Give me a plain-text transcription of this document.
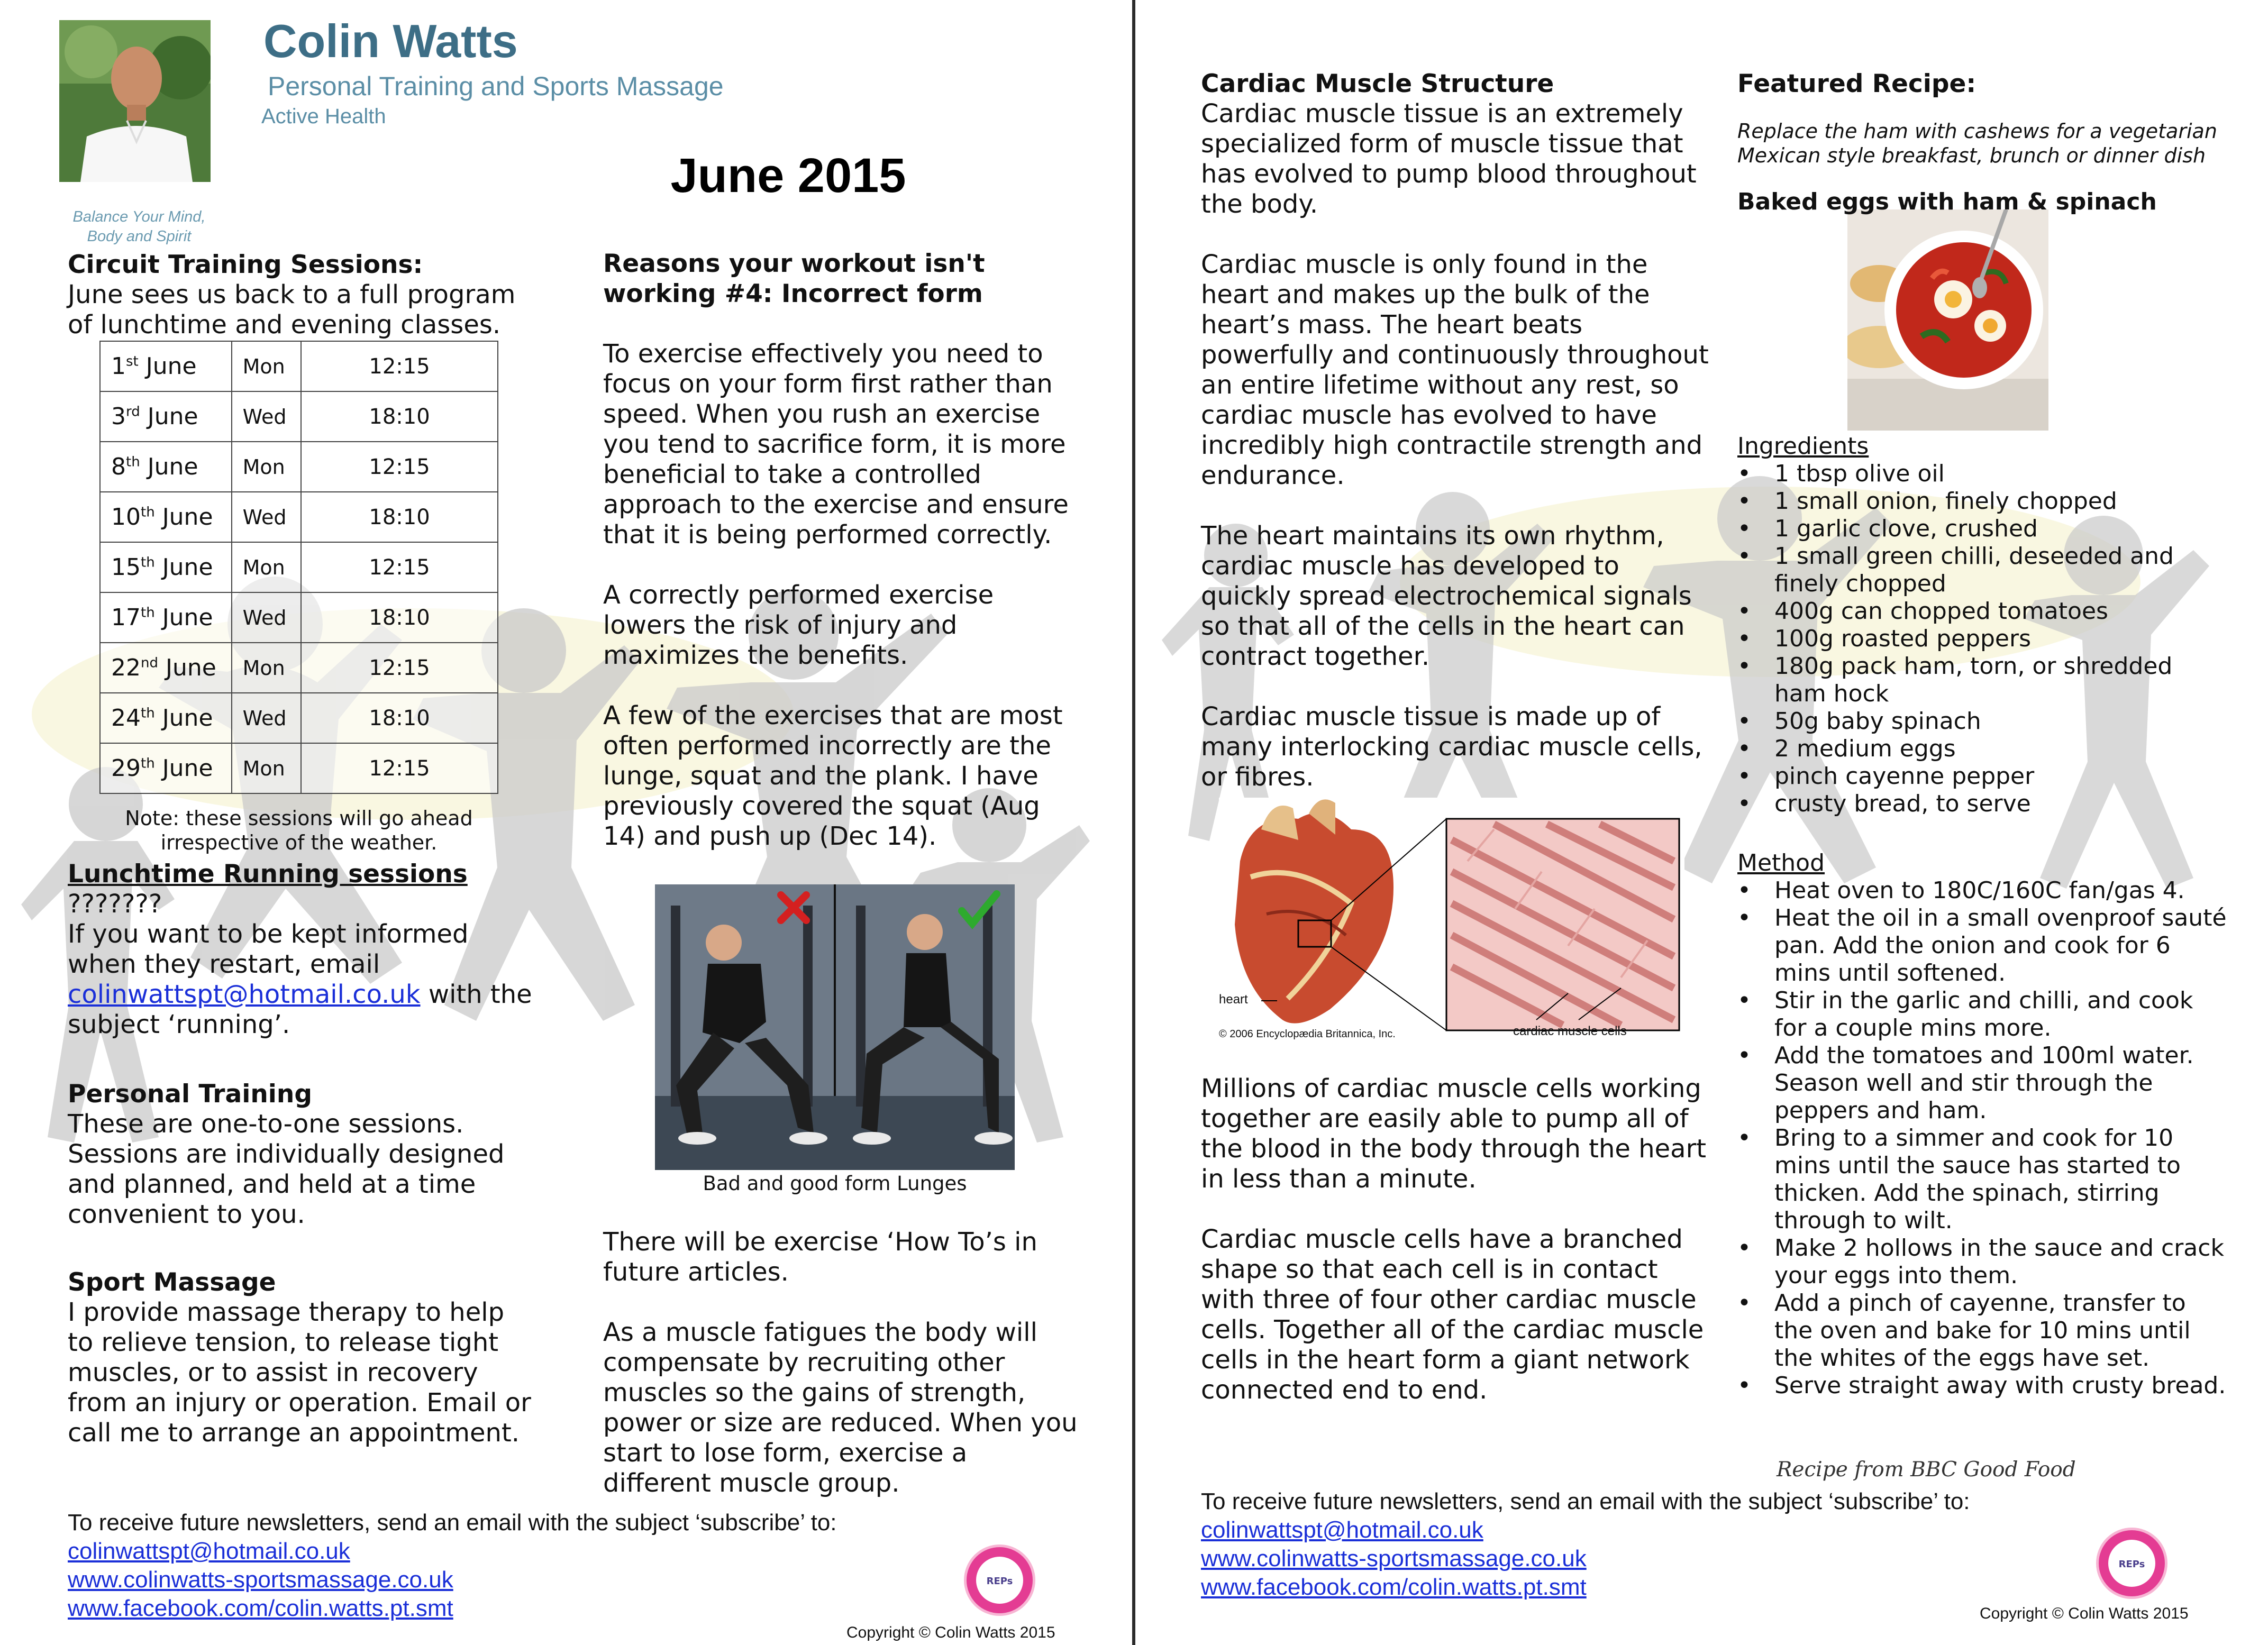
Colin Watts
Personal Training and Sports Massage
Active Health
Balance Your Mind,
Body and Spirit
June 2015

Circuit Training Sessions:

June sees us back to a full program of lunchtime and evening classes.

1st June	Mon	12:15
3rd June	Wed	18:10
8th June	Mon	12:15
10th June	Wed	18:10
15th June	Mon	12:15
17th June	Wed	18:10
22nd June	Mon	12:15
24th June	Wed	18:10
29th June	Mon	12:15
Note: these sessions will go ahead irrespective of the weather.

Lunchtime Running sessions

???????

If you want to be kept informed when they restart, email colinwattspt@hotmail.co.uk with the subject ‘running’.

Personal Training

These are one-to-one sessions. Sessions are individually designed and planned, and held at a time convenient to you.

Sport Massage

I provide massage therapy to help to relieve tension, to release tight muscles, or to assist in recovery from an injury or operation. Email or call me to arrange an appointment.

Reasons your workout isn't

working #4: Incorrect form

To exercise effectively you need to focus on your form first rather than speed. When you rush an exercise you tend to sacrifice form, it is more beneficial to take a controlled approach to the exercise and ensure that it is being performed correctly.

A correctly performed exercise lowers the risk of injury and maximizes the benefits.

A few of the exercises that are most often performed incorrectly are the lunge, squat and the plank. I have previously covered the squat (Aug 14) and push up (Dec 14).

Bad and good form Lunges

There will be exercise ‘How To’s in future articles.

As a muscle fatigues the body will compensate by recruiting other muscles so the gains of strength, power or size are reduced. When you start to lose form, exercise a different muscle group.

To receive future newsletters, send an email with the subject ‘subscribe’ to:
colinwattspt@hotmail.co.uk
www.colinwatts-sportsmassage.co.uk
www.facebook.com/colin.watts.pt.smt
REPs
Copyright © Colin Watts 2015

Cardiac Muscle Structure

Cardiac muscle tissue is an extremely specialized form of muscle tissue that has evolved to pump blood throughout the body.

Cardiac muscle is only found in the heart and makes up the bulk of the heart’s mass. The heart beats powerfully and continuously throughout an entire lifetime without any rest, so cardiac muscle has evolved to have incredibly high contractile strength and endurance.

The heart maintains its own rhythm, cardiac muscle has developed to quickly spread electrochemical signals so that all of the cells in the heart can contract together.

Cardiac muscle tissue is made up of many interlocking cardiac muscle cells, or fibres.

heart
cardiac muscle cells
© 2006 Encyclopædia Britannica, Inc.

Millions of cardiac muscle cells working together are easily able to pump all of the blood in the body through the heart in less than a minute.

Cardiac muscle cells have a branched shape so that each cell is in contact with three of four other cardiac muscle cells. Together all of the cardiac muscle cells in the heart form a giant network connected end to end.

Featured Recipe:

Replace the ham with cashews for a vegetarian Mexican style breakfast, brunch or dinner dish

Baked eggs with ham & spinach

Ingredients
• 1 tbsp olive oil
• 1 small onion, finely chopped
• 1 garlic clove, crushed
• 1 small green chilli, deseeded and finely chopped
• 400g can chopped tomatoes
• 100g roasted peppers
• 180g pack ham, torn, or shredded ham hock
• 50g baby spinach
• 2 medium eggs
• pinch cayenne pepper
• crusty bread, to serve
Method
• Heat oven to 180C/160C fan/gas 4.
• Heat the oil in a small ovenproof sauté pan. Add the onion and cook for 6 mins until softened.
• Stir in the garlic and chilli, and cook for a couple mins more.
• Add the tomatoes and 100ml water. Season well and stir through the peppers and ham.
• Bring to a simmer and cook for 10 mins until the sauce has started to thicken. Add the spinach, stirring through to wilt.
• Make 2 hollows in the sauce and crack your eggs into them.
• Add a pinch of cayenne, transfer to the oven and bake for 10 mins until the whites of the eggs have set.
• Serve straight away with crusty bread.
Recipe from BBC Good Food
To receive future newsletters, send an email with the subject ‘subscribe’ to:
colinwattspt@hotmail.co.uk
www.colinwatts-sportsmassage.co.uk
www.facebook.com/colin.watts.pt.smt
REPs
Copyright © Colin Watts 2015
